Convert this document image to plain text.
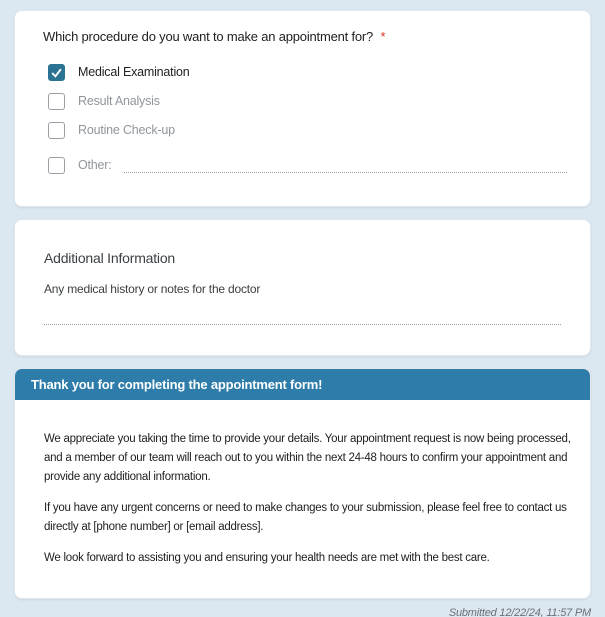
Which procedure do you want to make an appointment for? *
Medical Examination
Result Analysis
Routine Check-up
Other:
Additional Information
Any medical history or notes for the doctor
Thank you for completing the appointment form!

We appreciate you taking the time to provide your details. Your appointment request is now being processed, and a member of our team will reach out to you within the next 24-48 hours to confirm your appointment and provide any additional information.

If you have any urgent concerns or need to make changes to your submission, please feel free to contact us directly at [phone number] or [email address].

We look forward to assisting you and ensuring your health needs are met with the best care.

Submitted 12/22/24, 11:57 PM
